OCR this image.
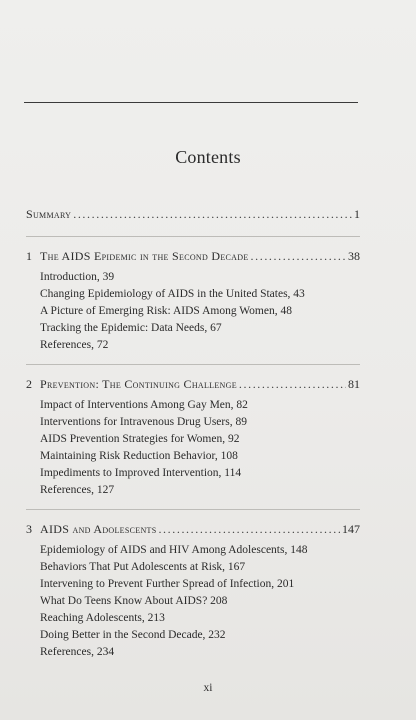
Contents
Summary .....	1
1 The AIDS Epidemic in the Second Decade .....	38
Introduction, 39
Changing Epidemiology of AIDS in the United States, 43
A Picture of Emerging Risk: AIDS Among Women, 48
Tracking the Epidemic: Data Needs, 67
References, 72
2 Prevention: The Continuing Challenge .....	81
Impact of Interventions Among Gay Men, 82
Interventions for Intravenous Drug Users, 89
AIDS Prevention Strategies for Women, 92
Maintaining Risk Reduction Behavior, 108
Impediments to Improved Intervention, 114
References, 127
3 AIDS and Adolescents .....	147
Epidemiology of AIDS and HIV Among Adolescents, 148
Behaviors That Put Adolescents at Risk, 167
Intervening to Prevent Further Spread of Infection, 201
What Do Teens Know About AIDS? 208
Reaching Adolescents, 213
Doing Better in the Second Decade, 232
References, 234
xi
